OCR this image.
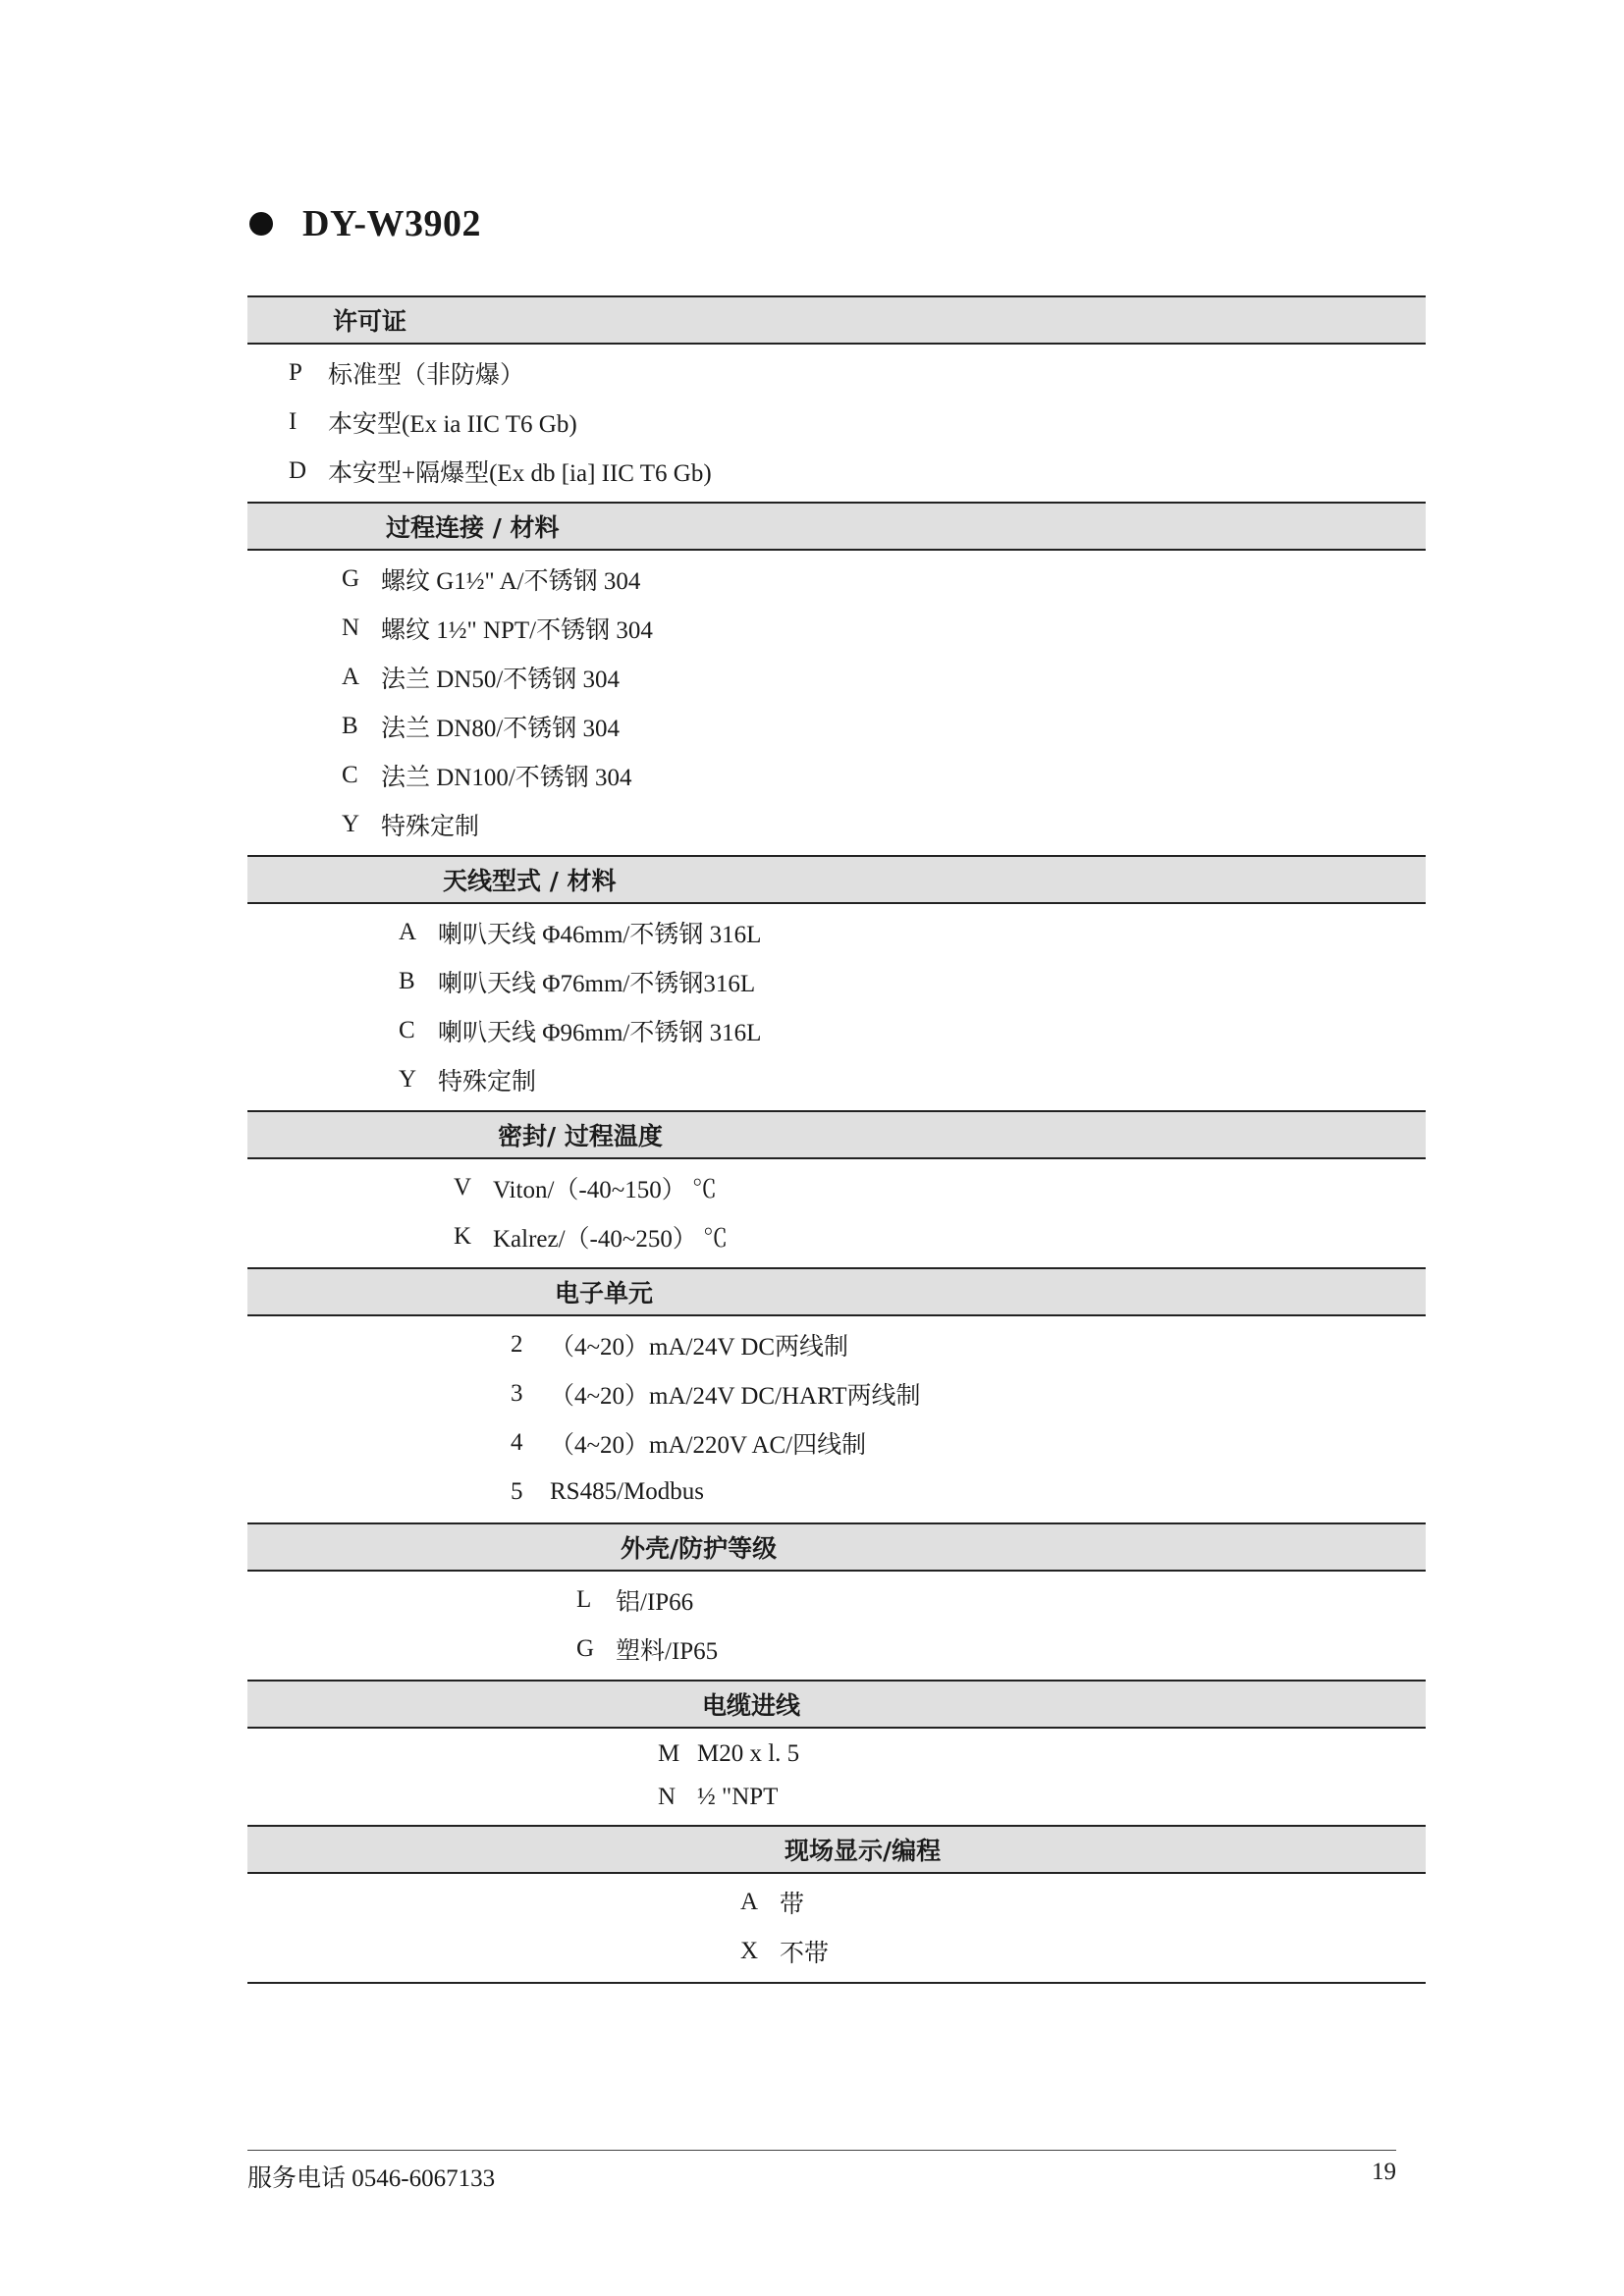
DY-W3902
许可证
P	标准型（非防爆）
I	本安型(Ex ia IIC T6 Gb)
D 本安型+隔爆型(Ex db [ia] IIC T6 Gb)
过程连接 / 材料
G 螺纹 G1½" A/不锈钢 304
N 螺纹 1½" NPT/不锈钢 304
A 法兰 DN50/不锈钢 304
B 法兰 DN80/不锈钢 304
C 法兰 DN100/不锈钢 304
Y 特殊定制
天线型式 / 材料
A 喇叭天线 Φ46mm/不锈钢 316L
B 喇叭天线 Φ76mm/不锈钢316L
C 喇叭天线 Φ96mm/不锈钢 316L
Y 特殊定制
密封/ 过程温度
V Viton/（-40~150） ℃
K Kalrez/（-40~250） ℃
电子单元
2	（4~20）mA/24V DC两线制
3	（4~20）mA/24V DC/HART两线制
4	（4~20）mA/220V AC/四线制
5	RS485/Modbus
外壳/防护等级
L 铝/IP66
G 塑料/IP65
电缆进线
M M20 x l. 5
N ½ "NPT
现场显示/编程
A 带
X 不带
服务电话 0546-6067133	19
